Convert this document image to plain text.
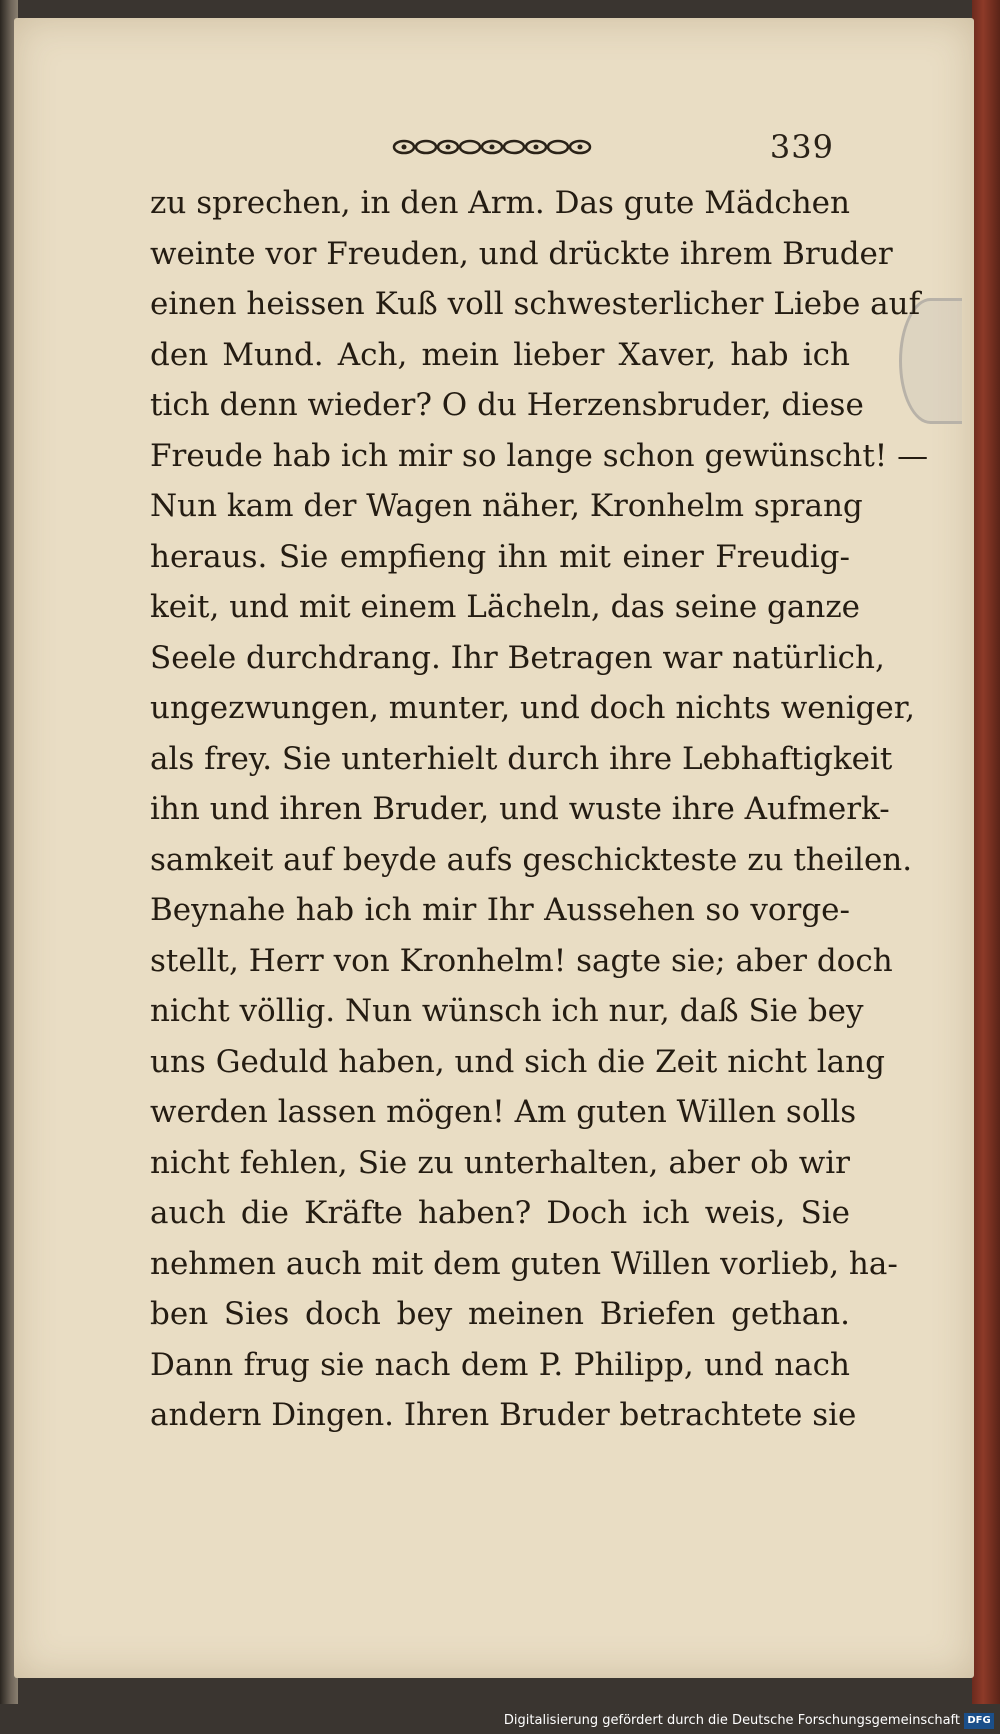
339
zu sprechen, in den Arm. Das gute Mädchen
weinte vor Freuden, und drückte ihrem Bruder
einen heissen Kuß voll schwesterlicher Liebe auf
den Mund. Ach, mein lieber Xaver, hab ich
tich denn wieder? O du Herzensbruder, diese
Freude hab ich mir so lange schon gewünscht! —
Nun kam der Wagen näher, Kronhelm sprang
heraus. Sie empfieng ihn mit einer Freudig-
keit, und mit einem Lächeln, das seine ganze
Seele durchdrang. Ihr Betragen war natürlich,
ungezwungen, munter, und doch nichts weniger,
als frey. Sie unterhielt durch ihre Lebhaftigkeit
ihn und ihren Bruder, und wuste ihre Aufmerk-
samkeit auf beyde aufs geschickteste zu theilen.
Beynahe hab ich mir Ihr Aussehen so vorge-
stellt, Herr von Kronhelm! sagte sie; aber doch
nicht völlig. Nun wünsch ich nur, daß Sie bey
uns Geduld haben, und sich die Zeit nicht lang
werden lassen mögen! Am guten Willen solls
nicht fehlen, Sie zu unterhalten, aber ob wir
auch die Kräfte haben? Doch ich weis, Sie
nehmen auch mit dem guten Willen vorlieb, ha-
ben Sies doch bey meinen Briefen gethan.
Dann frug sie nach dem P. Philipp, und nach
andern Dingen. Ihren Bruder betrachtete sie
Digitalisierung gefördert durch die Deutsche Forschungsgemeinschaft DFG
